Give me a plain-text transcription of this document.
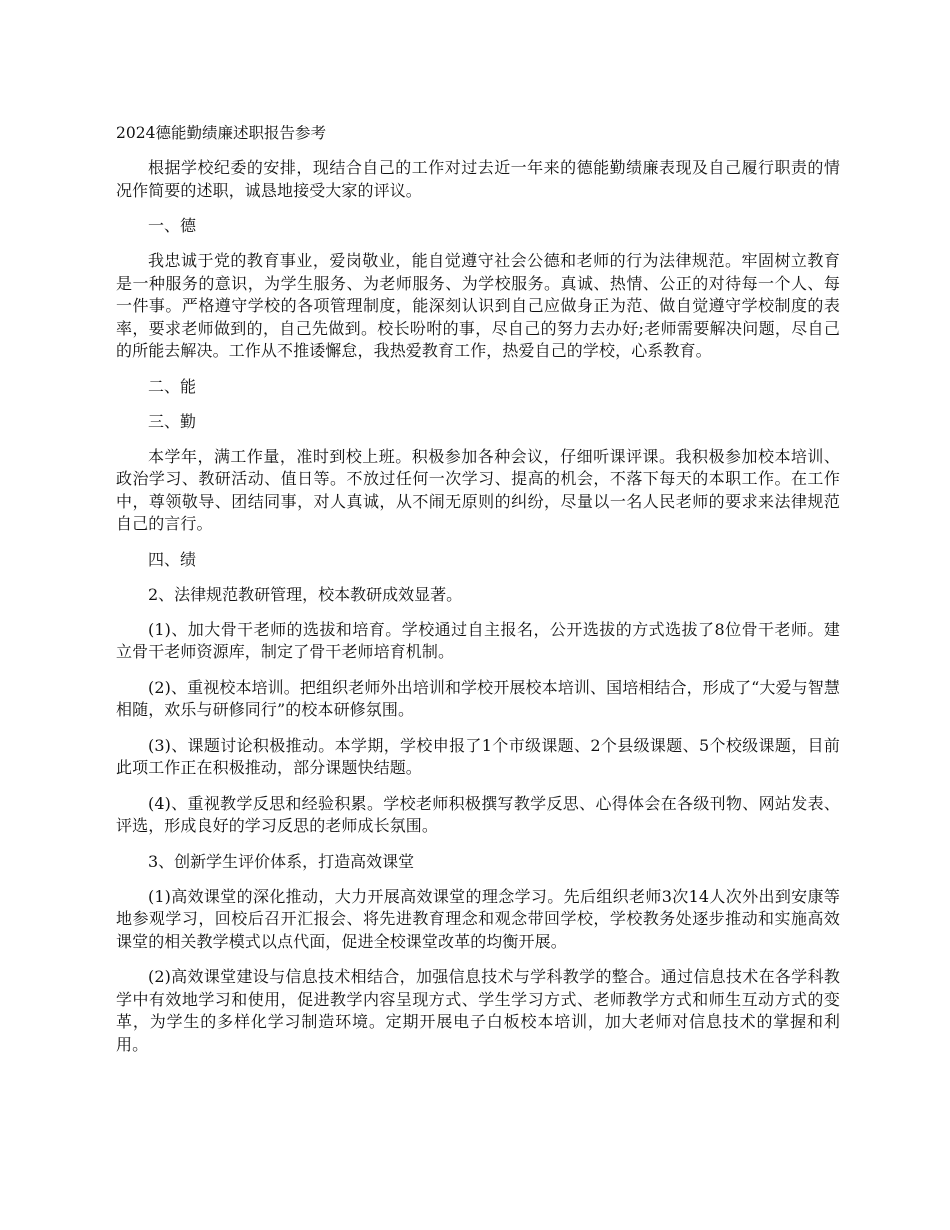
2024德能勤绩廉述职报告参考

根据学校纪委的安排，现结合自己的工作对过去近一年来的德能勤绩廉表现及自己履行职责的情况作简要的述职，诚恳地接受大家的评议。

一、德

我忠诚于党的教育事业，爱岗敬业，能自觉遵守社会公德和老师的行为法律规范。牢固树立教育是一种服务的意识，为学生服务、为老师服务、为学校服务。真诚、热情、公正的对待每一个人、每一件事。严格遵守学校的各项管理制度，能深刻认识到自己应做身正为范、做自觉遵守学校制度的表率，要求老师做到的，自己先做到。校长吩咐的事，尽自己的努力去办好;老师需要解决问题，尽自己的所能去解决。工作从不推诿懈怠，我热爱教育工作，热爱自己的学校，心系教育。

二、能

三、勤

本学年，满工作量，准时到校上班。积极参加各种会议，仔细听课评课。我积极参加校本培训、政治学习、教研活动、值日等。不放过任何一次学习、提高的机会，不落下每天的本职工作。在工作中，尊领敬导、团结同事，对人真诚，从不闹无原则的纠纷，尽量以一名人民老师的要求来法律规范自己的言行。

四、绩

2、法律规范教研管理，校本教研成效显著。

(1)、加大骨干老师的选拔和培育。学校通过自主报名，公开选拔的方式选拔了8位骨干老师。建立骨干老师资源库，制定了骨干老师培育机制。

(2)、重视校本培训。把组织老师外出培训和学校开展校本培训、国培相结合，形成了“大爱与智慧相随，欢乐与研修同行”的校本研修氛围。

(3)、课题讨论积极推动。本学期，学校申报了1个市级课题、2个县级课题、5个校级课题，目前此项工作正在积极推动，部分课题快结题。

(4)、重视教学反思和经验积累。学校老师积极撰写教学反思、心得体会在各级刊物、网站发表、评选，形成良好的学习反思的老师成长氛围。

3、创新学生评价体系，打造高效课堂

(1)高效课堂的深化推动，大力开展高效课堂的理念学习。先后组织老师3次14人次外出到安康等地参观学习，回校后召开汇报会、将先进教育理念和观念带回学校，学校教务处逐步推动和实施高效课堂的相关教学模式以点代面，促进全校课堂改革的均衡开展。

(2)高效课堂建设与信息技术相结合，加强信息技术与学科教学的整合。通过信息技术在各学科教学中有效地学习和使用，促进教学内容呈现方式、学生学习方式、老师教学方式和师生互动方式的变革，为学生的多样化学习制造环境。定期开展电子白板校本培训，加大老师对信息技术的掌握和利用。
